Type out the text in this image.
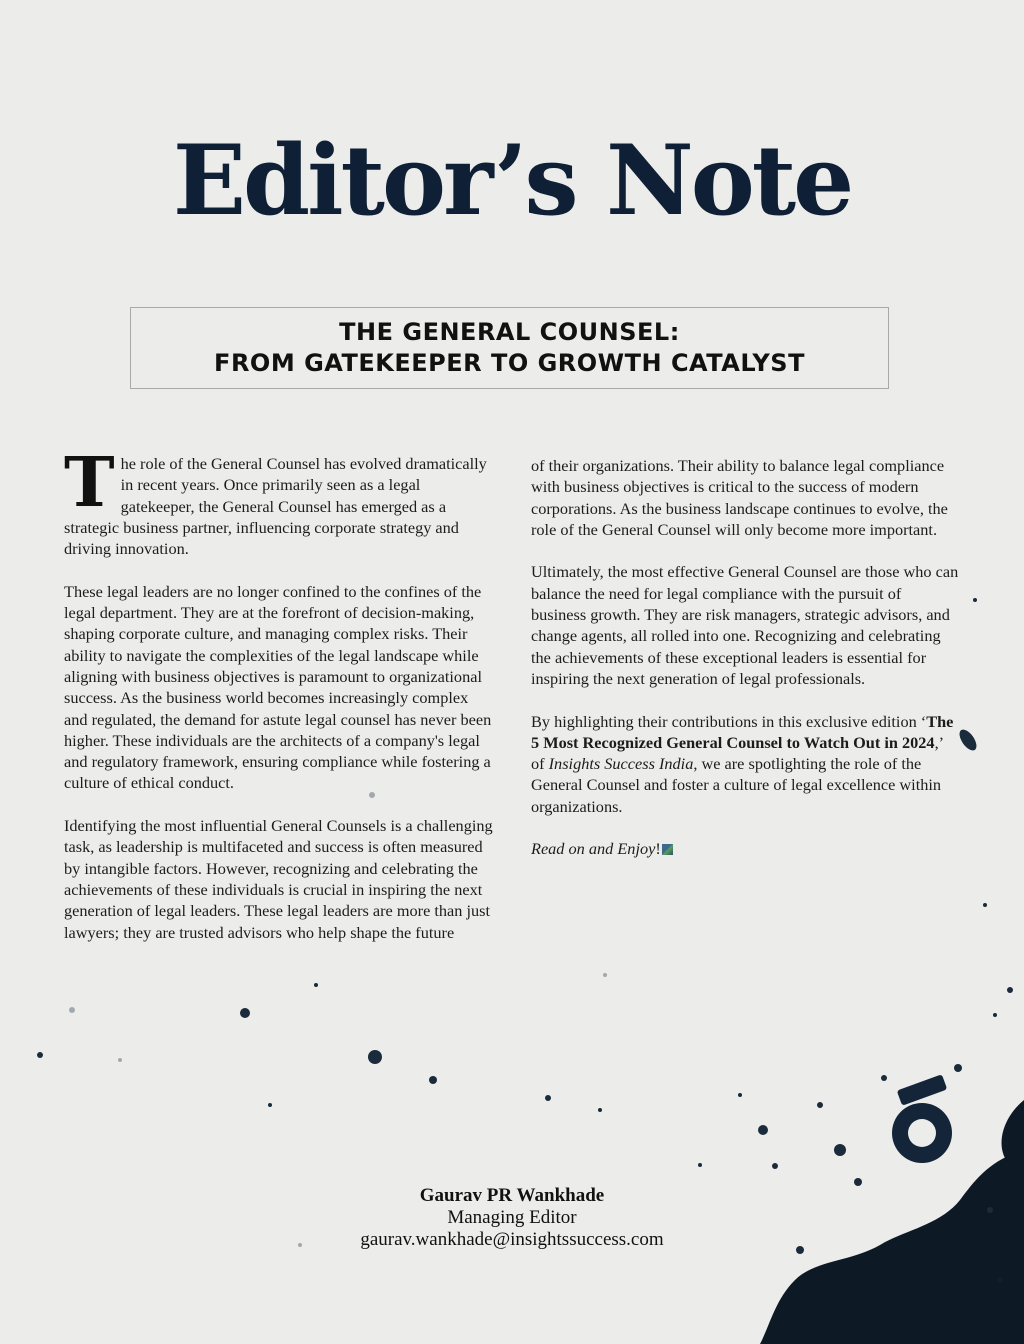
Editor’s Note
THE GENERAL COUNSEL:
FROM GATEKEEPER TO GROWTH CATALYST

The role of the General Counsel has evolved dramatically in recent years. Once primarily seen as a legal gatekeeper, the General Counsel has emerged as a strategic business partner, influencing corporate strategy and driving innovation.

These legal leaders are no longer confined to the confines of the legal department. They are at the forefront of decision-making, shaping corporate culture, and managing complex risks. Their ability to navigate the complexities of the legal landscape while aligning with business objectives is paramount to organizational success. As the business world becomes increasingly complex and regulated, the demand for astute legal counsel has never been higher. These individuals are the architects of a company's legal and regulatory framework, ensuring compliance while fostering a culture of ethical conduct.

Identifying the most influential General Counsels is a challenging task, as leadership is multifaceted and success is often measured by intangible factors. However, recognizing and celebrating the achievements of these individuals is crucial in inspiring the next generation of legal leaders. These legal leaders are more than just lawyers; they are trusted advisors who help shape the future

of their organizations. Their ability to balance legal compliance with business objectives is critical to the success of modern corporations. As the business landscape continues to evolve, the role of the General Counsel will only become more important.

Ultimately, the most effective General Counsel are those who can balance the need for legal compliance with the pursuit of business growth. They are risk managers, strategic advisors, and change agents, all rolled into one. Recognizing and celebrating the achievements of these exceptional leaders is essential for inspiring the next generation of legal professionals.

By highlighting their contributions in this exclusive edition ‘The 5 Most Recognized General Counsel to Watch Out in 2024,’ of Insights Success India, we are spotlighting the role of the General Counsel and foster a culture of legal excellence within organizations.

Read on and Enjoy!

Gaurav PR Wankhade
Managing Editor
gaurav.wankhade@insightssuccess.com
